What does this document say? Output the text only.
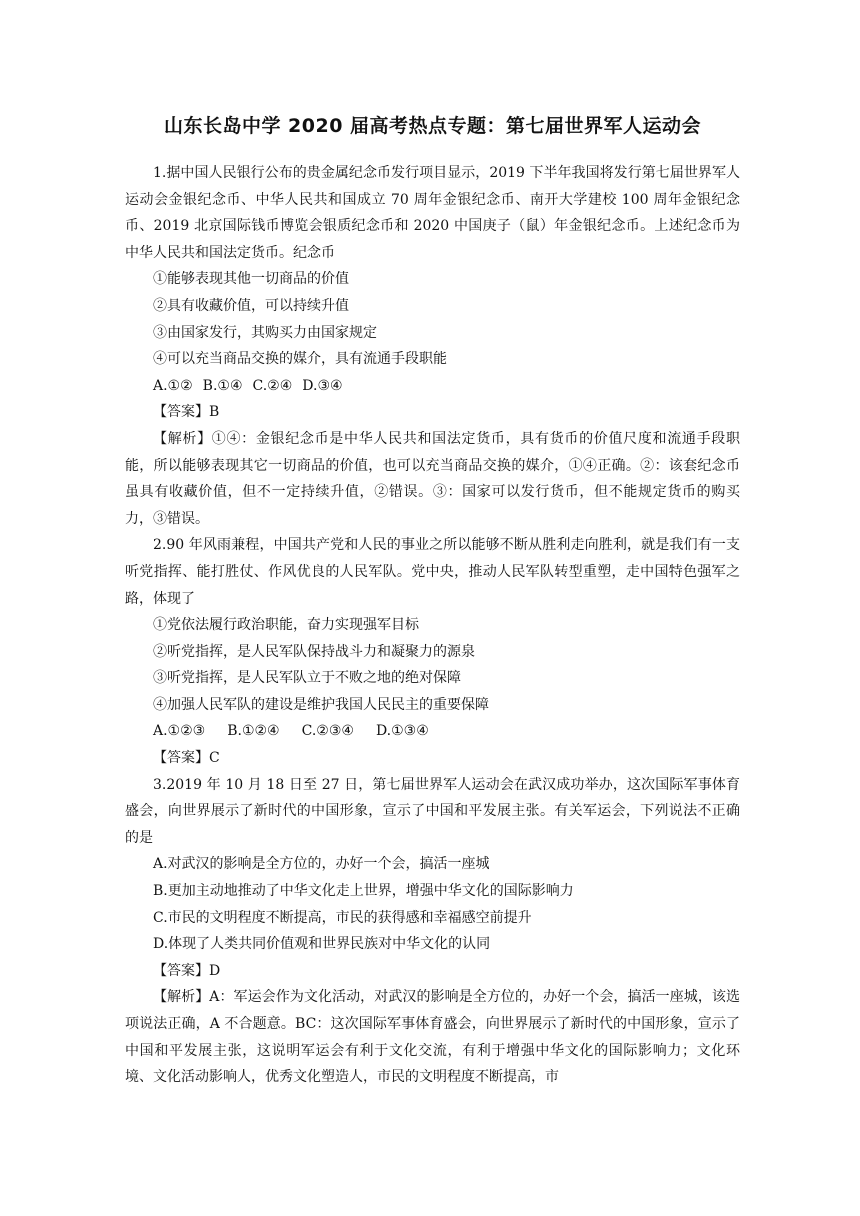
山东长岛中学 2020 届高考热点专题：第七届世界军人运动会

1.据中国人民银行公布的贵金属纪念币发行项目显示，2019 下半年我国将发行第七届世界军人运动会金银纪念币、中华人民共和国成立 70 周年金银纪念币、南开大学建校 100 周年金银纪念币、2019 北京国际钱币博览会银质纪念币和 2020 中国庚子（鼠）年金银纪念币。上述纪念币为中华人民共和国法定货币。纪念币

①能够表现其他一切商品的价值

②具有收藏价值，可以持续升值

③由国家发行，其购买力由国家规定

④可以充当商品交换的媒介，具有流通手段职能

A.①② B.①④ C.②④ D.③④

【答案】B

【解析】①④：金银纪念币是中华人民共和国法定货币，具有货币的价值尺度和流通手段职能，所以能够表现其它一切商品的价值，也可以充当商品交换的媒介，①④正确。②：该套纪念币虽具有收藏价值，但不一定持续升值，②错误。③：国家可以发行货币，但不能规定货币的购买力，③错误。

2.90 年风雨兼程，中国共产党和人民的事业之所以能够不断从胜利走向胜利，就是我们有一支听党指挥、能打胜仗、作风优良的人民军队。党中央，推动人民军队转型重塑，走中国特色强军之路，体现了

①党依法履行政治职能，奋力实现强军目标

②听党指挥，是人民军队保持战斗力和凝聚力的源泉

③听党指挥，是人民军队立于不败之地的绝对保障

④加强人民军队的建设是维护我国人民民主的重要保障

A.①②③ B.①②④ C.②③④ D.①③④

【答案】C

3.2019 年 10 月 18 日至 27 日，第七届世界军人运动会在武汉成功举办，这次国际军事体育盛会，向世界展示了新时代的中国形象，宣示了中国和平发展主张。有关军运会，下列说法不正确的是

A.对武汉的影响是全方位的，办好一个会，搞活一座城

B.更加主动地推动了中华文化走上世界，增强中华文化的国际影响力

C.市民的文明程度不断提高，市民的获得感和幸福感空前提升

D.体现了人类共同价值观和世界民族对中华文化的认同

【答案】D

【解析】A：军运会作为文化活动，对武汉的影响是全方位的，办好一个会，搞活一座城，该选项说法正确，A 不合题意。BC：这次国际军事体育盛会，向世界展示了新时代的中国形象，宣示了中国和平发展主张，这说明军运会有利于文化交流，有利于增强中华文化的国际影响力；文化环境、文化活动影响人，优秀文化塑造人，市民的文明程度不断提高，市
